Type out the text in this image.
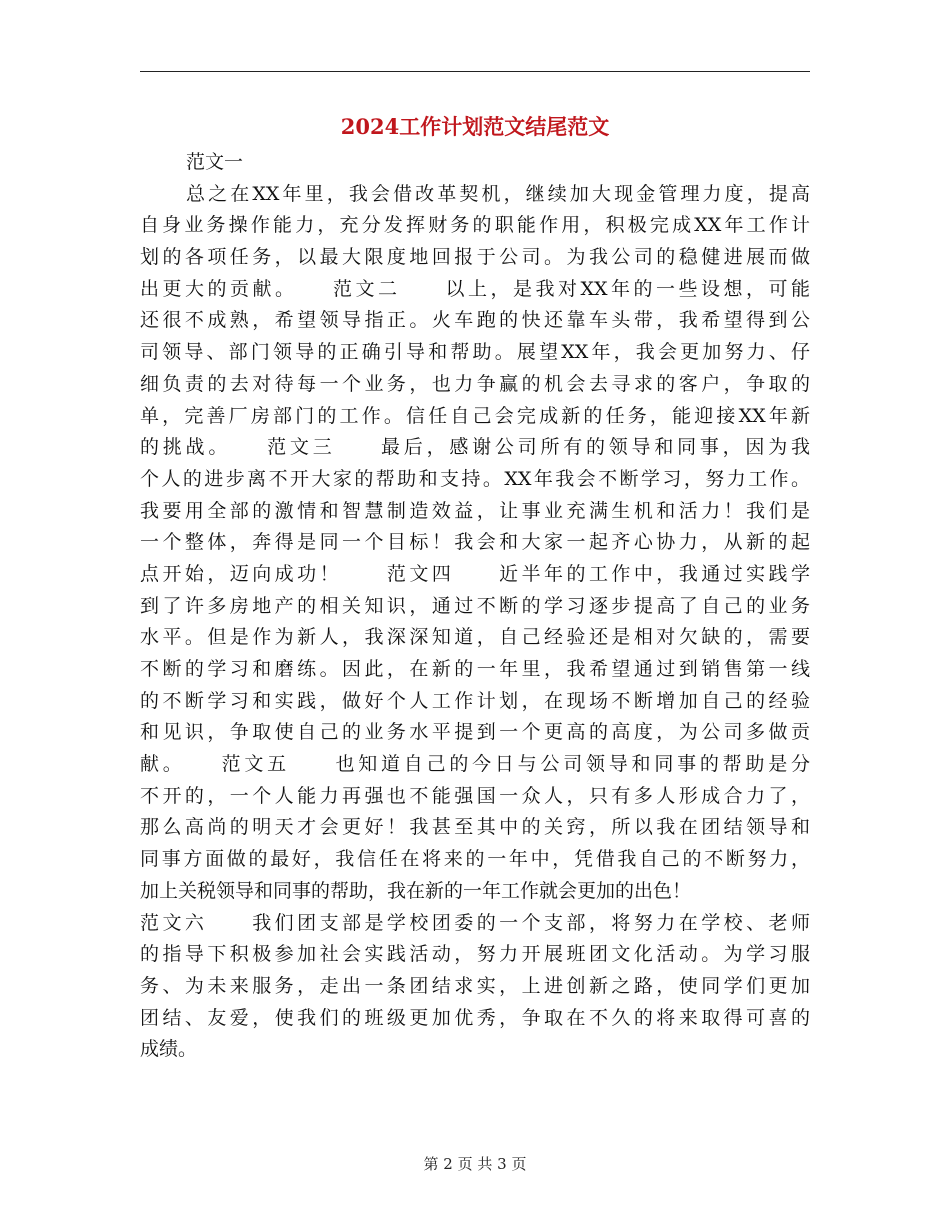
2024工作计划范文结尾范文
范文一
总之在XX年里，我会借改革契机，继续加大现金管理力度，提高
自身业务操作能力，充分发挥财务的职能作用，积极完成XX年工作计
划的各项任务，以最大限度地回报于公司。为我公司的稳健进展而做
出更大的贡献。　　范文二　　以上，是我对XX年的一些设想，可能
还很不成熟，希望领导指正。火车跑的快还靠车头带，我希望得到公
司领导、部门领导的正确引导和帮助。展望XX年，我会更加努力、仔
细负责的去对待每一个业务，也力争赢的机会去寻求的客户，争取的
单，完善厂房部门的工作。信任自己会完成新的任务，能迎接XX年新
的挑战。　　范文三　　最后，感谢公司所有的领导和同事，因为我
个人的进步离不开大家的帮助和支持。XX年我会不断学习，努力工作。
我要用全部的激情和智慧制造效益，让事业充满生机和活力！我们是
一个整体，奔得是同一个目标！我会和大家一起齐心协力，从新的起
点开始，迈向成功！　　范文四　　近半年的工作中，我通过实践学
到了许多房地产的相关知识，通过不断的学习逐步提高了自己的业务
水平。但是作为新人，我深深知道，自己经验还是相对欠缺的，需要
不断的学习和磨练。因此，在新的一年里，我希望通过到销售第一线
的不断学习和实践，做好个人工作计划，在现场不断增加自己的经验
和见识，争取使自己的业务水平提到一个更高的高度，为公司多做贡
献。　　范文五　　也知道自己的今日与公司领导和同事的帮助是分
不开的，一个人能力再强也不能强国一众人，只有多人形成合力了，
那么高尚的明天才会更好！我甚至其中的关窍，所以我在团结领导和
同事方面做的最好，我信任在将来的一年中，凭借我自己的不断努力，
加上关税领导和同事的帮助，我在新的一年工作就会更加的出色！
范文六　　我们团支部是学校团委的一个支部，将努力在学校、老师
的指导下积极参加社会实践活动，努力开展班团文化活动。为学习服
务、为未来服务，走出一条团结求实，上进创新之路，使同学们更加
团结、友爱，使我们的班级更加优秀，争取在不久的将来取得可喜的
成绩。
第 2 页 共 3 页
